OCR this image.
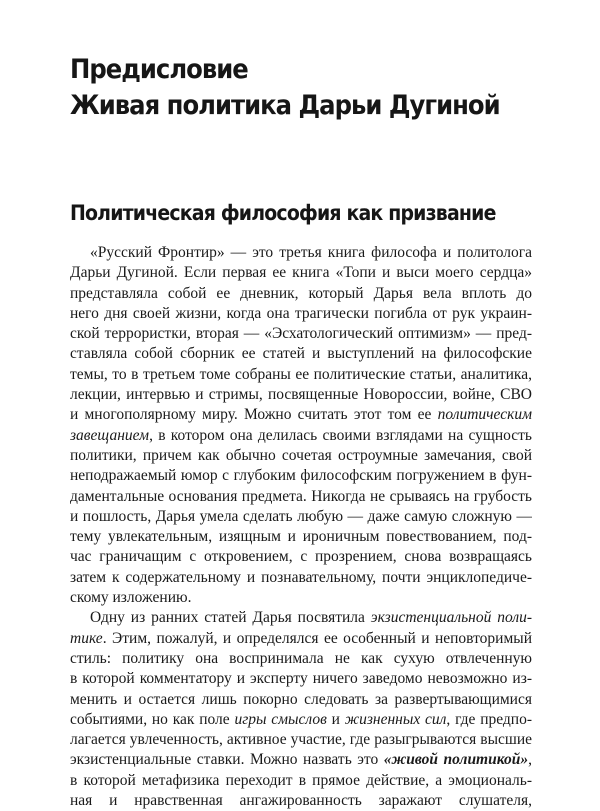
Предисловие
Живая политика Дарьи Дугиной
Политическая философия как призвание
«Русский Фронтир» — это третья книга философа и политолога
Дарьи Дугиной. Если первая ее книга «Топи и выси моего сердца»
представляла собой ее дневник, который Дарья вела вплоть до
него дня своей жизни, когда она трагически погибла от рук украин-
ской террористки, вторая — «Эсхатологический оптимизм» — пред-
ставляла собой сборник ее статей и выступлений на философские
темы, то в третьем томе собраны ее политические статьи, аналитика,
лекции, интервью и стримы, посвященные Новороссии, войне, СВО
и многополярному миру. Можно считать этот том ее политическим
завещанием, в котором она делилась своими взглядами на сущность
политики, причем как обычно сочетая остроумные замечания, свой
неподражаемый юмор с глубоким философским погружением в фун-
даментальные основания предмета. Никогда не срываясь на грубость
и пошлость, Дарья умела сделать любую — даже самую сложную —
тему увлекательным, изящным и ироничным повествованием, под-
час граничащим с откровением, с прозрением, снова возвращаясь
затем к содержательному и познавательному, почти энциклопедиче-
скому изложению.
Одну из ранних статей Дарья посвятила экзистенциальной поли-
тике. Этим, пожалуй, и определялся ее особенный и неповторимый
стиль: политику она воспринимала не как сухую отвлеченную
в которой комментатору и эксперту ничего заведомо невозможно из-
менить и остается лишь покорно следовать за развертывающимися
событиями, но как поле игры смыслов и жизненных сил, где предпо-
лагается увлеченность, активное участие, где разыгрываются высшие
экзистенциальные ставки. Можно назвать это «живой политикой»,
в которой метафизика переходит в прямое действие, а эмоциональ-
ная и нравственная ангажированность заражают слушателя,
